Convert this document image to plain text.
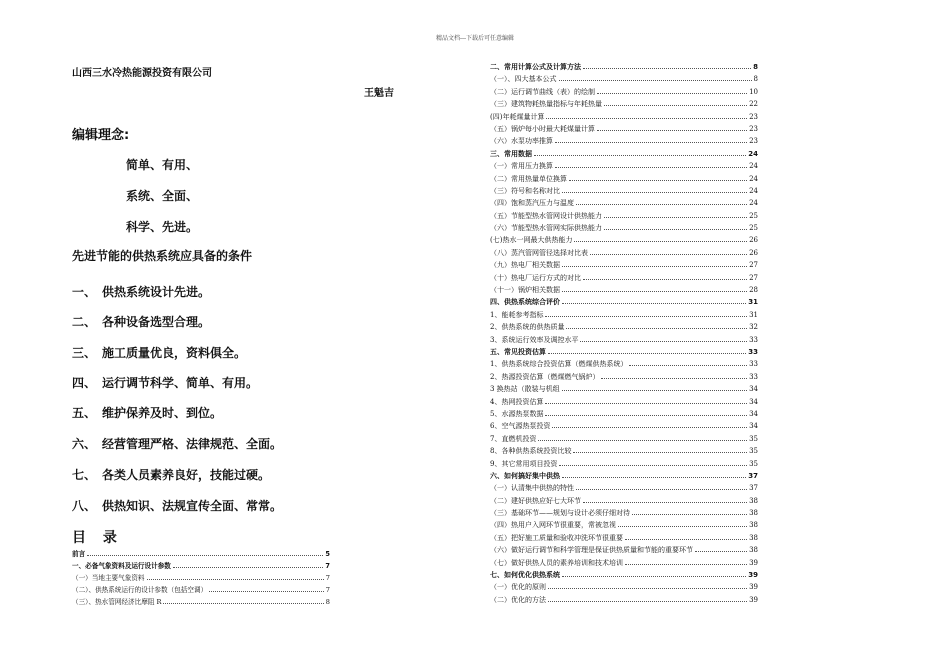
精品文档---下载后可任意编辑
山西三水冷热能源投资有限公司
王魁吉
编辑理念:
简单、有用、
系统、全面、
科学、先进。
先进节能的供热系统应具备的条件
一、 供热系统设计先进。
二、 各种设备选型合理。
三、 施工质量优良，资料俱全。
四、 运行调节科学、简单、有用。
五、 维护保养及时、到位。
六、 经营管理严格、法律规范、全面。
七、 各类人员素养良好，技能过硬。
八、 供热知识、法规宣传全面、常常。
目 录
前言	5
一、必备气象资料及运行设计参数	7
（一）当地主要气象资料	7
（二）、供热系统运行的设计参数（包括空调）	7
（三）、热水管网经济比摩阻 R	8
二、常用计算公式及计算方法	8
（一）、四大基本公式	8
（二）运行调节曲线（表）的绘制	10
（三）建筑物耗热量指标与年耗热量	22
(四)年耗煤量计算	23
（五）锅炉每小时最大耗煤量计算	23
（六）水泵功率推算	23
三、常用数据	24
（一）常用压力换算	24
（二）常用热量单位换算	24
（三）符号和名称对比	24
（四）饱和蒸汽压力与温度	24
（五）节能型热水管网设计供热能力	25
（六）节能型热水管网实际供热能力	25
(七)热水一网最大供热能力	26
（八）蒸汽管网管径选择对比表	26
（九）热电厂相关数据	27
（十）热电厂运行方式的对比	27
（十一）锅炉相关数据	28
四、供热系统综合评价	31
1、能耗参考指标	31
2、供热系统的供热质量	32
3、系统运行效率及调控水平	33
五、常见投资估算	33
1、供热系统综合投资估算（燃煤供热系统）	33
2、热源投资估算（燃煤燃气锅炉）	33
3 换热站（散装与机组	34
4、热网投资估算	34
5、水源热泵数据	34
6、空气源热泵投资	34
7、直燃机投资	35
8、各种供热系统投资比较	35
9、其它常用项目投资	35
六、如何搞好集中供热	37
（一）认清集中供热的特性	37
（二）建好供热应好七大环节	38
（三）基础环节——规划与设计必须仔细对待	38
（四）热用户入网环节很重要，常被忽视	38
（五）把好施工质量和验收冲洗环节很重要	38
（六）做好运行调节和科学管理是保证供热质量和节能的重要环节	38
（七）做好供热人员的素养培训和技术培训	39
七、如何优化供热系统	39
（一）优化的原则	39
（二）优化的方法	39
